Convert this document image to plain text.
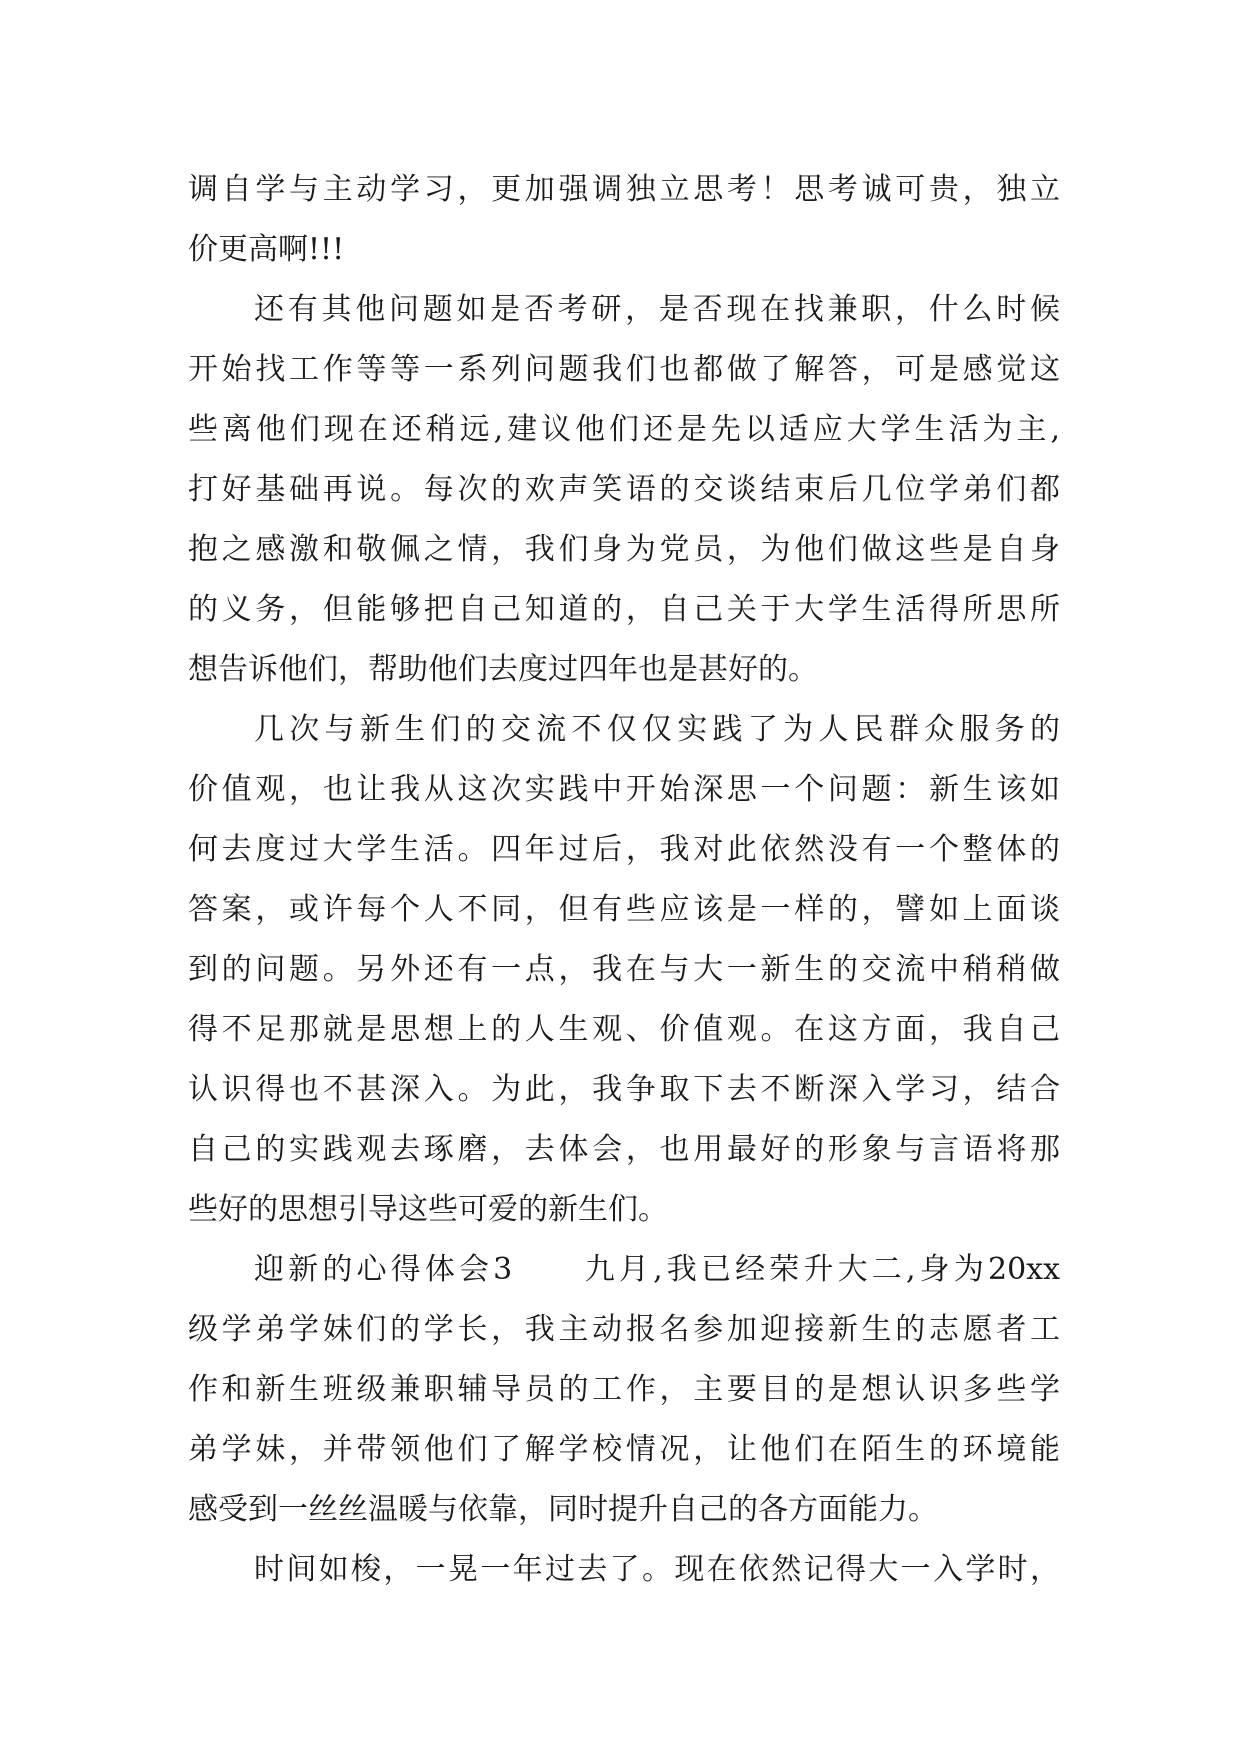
调自学与主动学习，更加强调独立思考！思考诚可贵，独立
价更高啊!!!
还有其他问题如是否考研，是否现在找兼职，什么时候
开始找工作等等一系列问题我们也都做了解答，可是感觉这
些离他们现在还稍远,建议他们还是先以适应大学生活为主,
打好基础再说。每次的欢声笑语的交谈结束后几位学弟们都
抱之感激和敬佩之情，我们身为党员，为他们做这些是自身
的义务，但能够把自己知道的，自己关于大学生活得所思所
想告诉他们，帮助他们去度过四年也是甚好的。
几次与新生们的交流不仅仅实践了为人民群众服务的
价值观，也让我从这次实践中开始深思一个问题：新生该如
何去度过大学生活。四年过后，我对此依然没有一个整体的
答案，或许每个人不同，但有些应该是一样的，譬如上面谈
到的问题。另外还有一点，我在与大一新生的交流中稍稍做
得不足那就是思想上的人生观、价值观。在这方面，我自己
认识得也不甚深入。为此，我争取下去不断深入学习，结合
自己的实践观去琢磨，去体会，也用最好的形象与言语将那
些好的思想引导这些可爱的新生们。
迎新的心得体会3　　九月,我已经荣升大二,身为20xx
级学弟学妹们的学长，我主动报名参加迎接新生的志愿者工
作和新生班级兼职辅导员的工作，主要目的是想认识多些学
弟学妹，并带领他们了解学校情况，让他们在陌生的环境能
感受到一丝丝温暖与依靠，同时提升自己的各方面能力。
时间如梭，一晃一年过去了。现在依然记得大一入学时，
